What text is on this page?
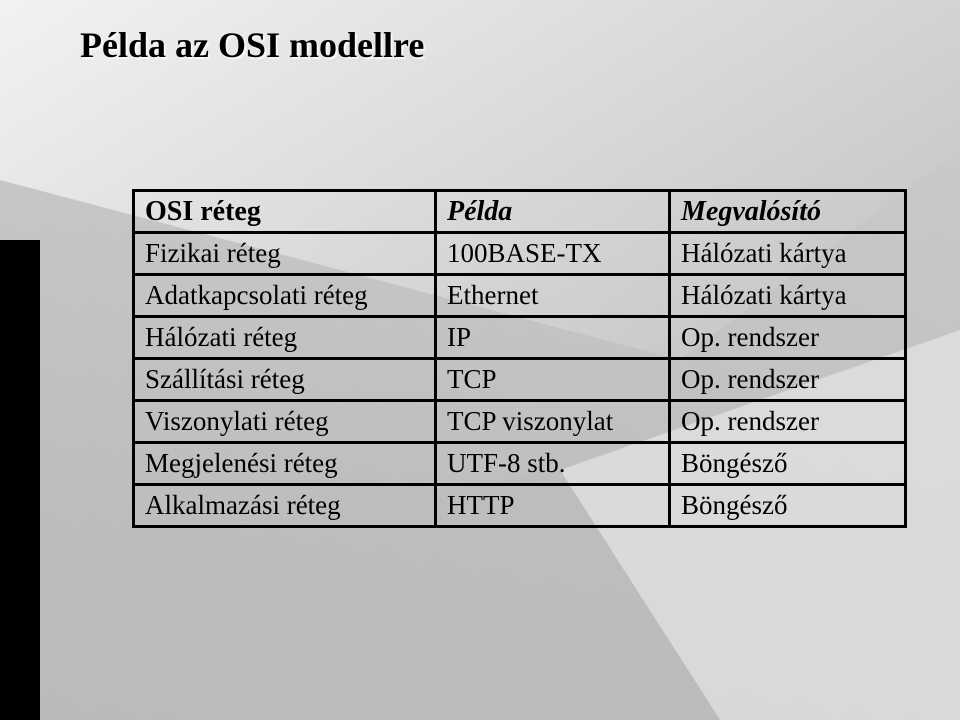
Példa az OSI modellre
OSI réteg	Példa	Megvalósító
Fizikai réteg	100BASE-TX	Hálózati kártya
Adatkapcsolati réteg	Ethernet	Hálózati kártya
Hálózati réteg	IP	Op. rendszer
Szállítási réteg	TCP	Op. rendszer
Viszonylati réteg	TCP viszonylat	Op. rendszer
Megjelenési réteg	UTF-8 stb.	Böngésző
Alkalmazási réteg	HTTP	Böngésző
